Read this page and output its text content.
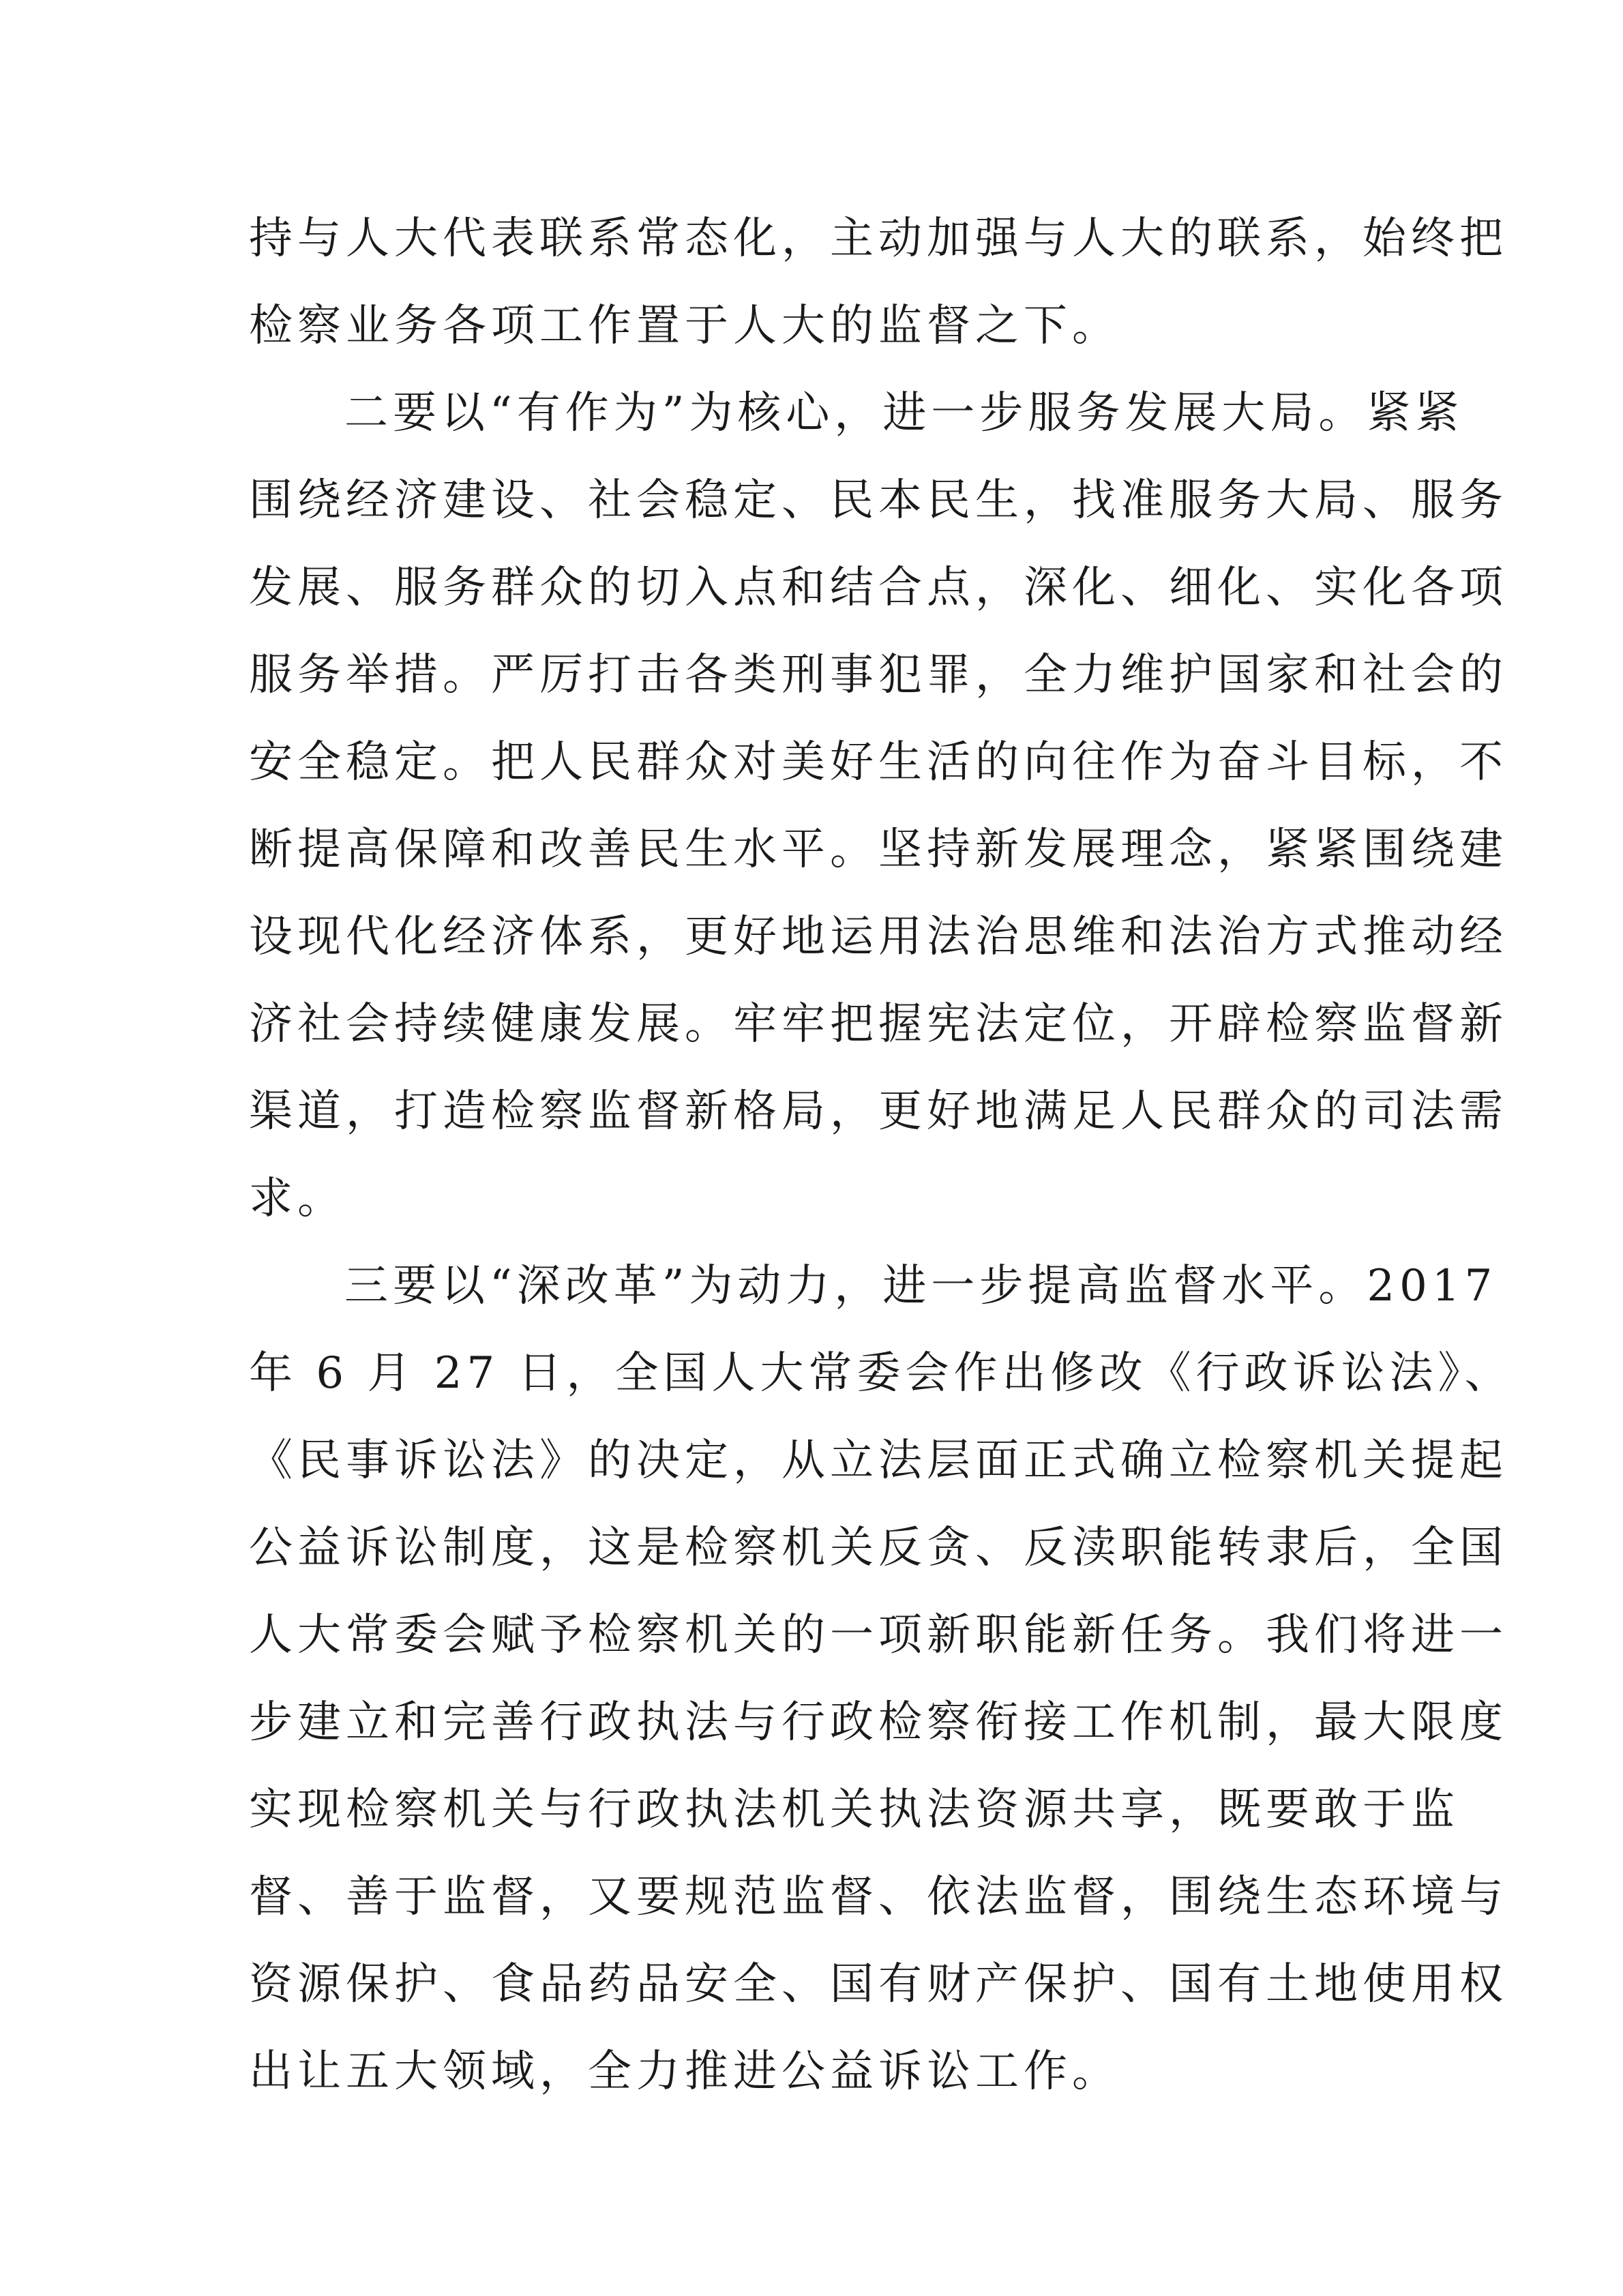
持与人大代表联系常态化，主动加强与人大的联系，始终把
检察业务各项工作置于人大的监督之下。
二要以“有作为”为核心，进一步服务发展大局。紧紧
围绕经济建设、社会稳定、民本民生，找准服务大局、服务
发展、服务群众的切入点和结合点，深化、细化、实化各项
服务举措。严厉打击各类刑事犯罪，全力维护国家和社会的
安全稳定。把人民群众对美好生活的向往作为奋斗目标，不
断提高保障和改善民生水平。坚持新发展理念，紧紧围绕建
设现代化经济体系，更好地运用法治思维和法治方式推动经
济社会持续健康发展。牢牢把握宪法定位，开辟检察监督新
渠道，打造检察监督新格局，更好地满足人民群众的司法需
求。
三要以“深改革”为动力，进一步提高监督水平。2017
年 6 月 27 日，全国人大常委会作出修改《行政诉讼法》、
《民事诉讼法》的决定，从立法层面正式确立检察机关提起
公益诉讼制度，这是检察机关反贪、反渎职能转隶后，全国
人大常委会赋予检察机关的一项新职能新任务。我们将进一
步建立和完善行政执法与行政检察衔接工作机制，最大限度
实现检察机关与行政执法机关执法资源共享，既要敢于监
督、善于监督，又要规范监督、依法监督，围绕生态环境与
资源保护、食品药品安全、国有财产保护、国有土地使用权
出让五大领域，全力推进公益诉讼工作。
